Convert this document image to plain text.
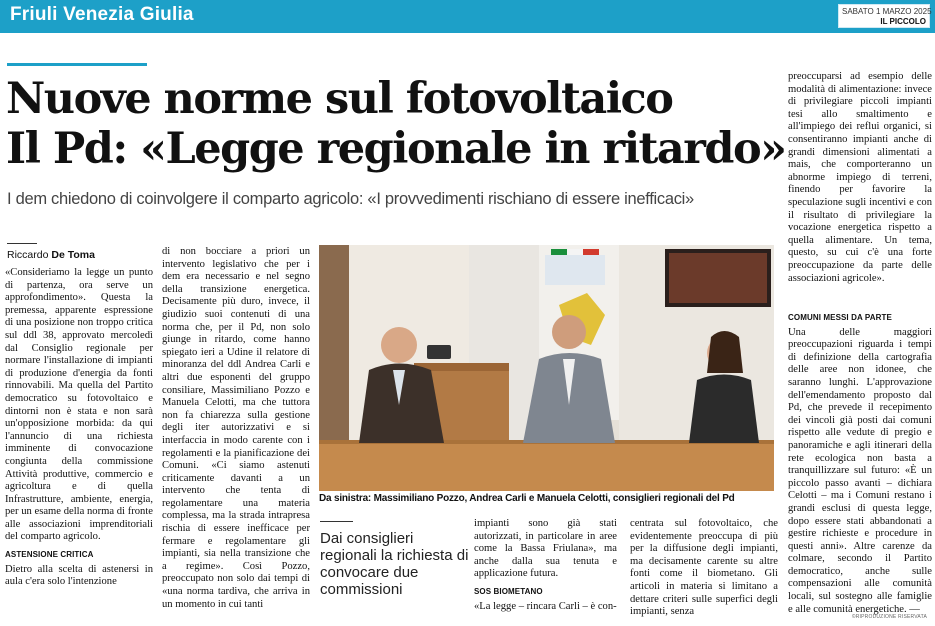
Friuli Venezia Giulia	SABATO 1 MARZO 2025
IL PICCOLO
Nuove norme sul fotovoltaico
Il Pd: «Legge regionale in ritardo»
I dem chiedono di coinvolgere il comparto agricolo: «I provvedimenti rischiano di essere inefficaci»
Riccardo De Toma

«Consideriamo la legge un punto di partenza, ora serve un approfondimento». Questa la premessa, apparente espressione di una posizione non troppo critica sul ddl 38, approvato mercoledì dal Consiglio regionale per normare l'installazione di impianti di produzione d'energia da fonti rinnovabili. Ma quella del Partito democratico su fotovoltaico e dintorni non è stata e non sarà un'opposizione morbida: da qui l'annuncio di una richiesta imminente di convocazione congiunta della commissione Attività produttive, commercio e agricoltura e di quella Infrastrutture, ambiente, energia, per un esame della norma di fronte alle associazioni imprenditoriali del comparto agricolo.

ASTENSIONE CRITICA

Dietro alla scelta di astenersi in aula c'era solo l'intenzione

di non bocciare a priori un intervento legislativo che per i dem era necessario e nel segno della transizione energetica. Decisamente più duro, invece, il giudizio suoi contenuti di una norma che, per il Pd, non solo giunge in ritardo, come hanno spiegato ieri a Udine il relatore di minoranza del ddl Andrea Carli e altri due esponenti del gruppo consiliare, Massimiliano Pozzo e Manuela Celotti, ma che tuttora non fa chiarezza sulla gestione degli iter autorizzativi e si interfaccia in modo carente con i regolamenti e la pianificazione dei Comuni. «Ci siamo astenuti criticamente davanti a un intervento che tenta di regolamentare una materia complessa, ma la strada intrapresa rischia di essere inefficace per fermare e regolamentare gli impianti, sia nella transizione che a regime». Così Pozzo, preoccupato non solo dai tempi di «una norma tardiva, che arriva in un momento in cui tanti

Da sinistra: Massimiliano Pozzo, Andrea Carli e Manuela Celotti, consiglieri regionali del Pd
Dai consiglieri regionali la richiesta di convocare due commissioni

impianti sono già stati autorizzati, in particolare in aree come la Bassa Friulana», ma anche dalla sua tenuta e applicazione futura.

SOS BIOMETANO

«La legge – rincara Carli – è con-

centrata sul fotovoltaico, che evidentemente preoccupa di più per la diffusione degli impianti, ma decisamente carente su altre fonti come il biometano. Gli articoli in materia si limitano a dettare criteri sulle superfici degli impianti, senza

preoccuparsi ad esempio delle modalità di alimentazione: invece di privilegiare piccoli impianti tesi allo smaltimento e all'impiego dei reflui organici, si consentiranno impianti anche di grandi dimensioni alimentati a mais, che comporteranno un abnorme impiego di terreni, finendo per favorire la speculazione sugli incentivi e con il risultato di privilegiare la vocazione energetica rispetto a quella alimentare. Un tema, questo, su cui c'è una forte preoccupazione da parte delle associazioni agricole».

COMUNI MESSI DA PARTE

Una delle maggiori preoccupazioni riguarda i tempi di definizione della cartografia delle aree non idonee, che saranno lunghi. L'approvazione dell'emendamento proposto dal Pd, che prevede il recepimento dei vincoli già posti dai comuni rispetto alle vedute di pregio e panoramiche e agli itinerari della rete ecologica non basta a tranquillizzare sul futuro: «È un piccolo passo avanti – dichiara Celotti – ma i Comuni restano i grandi esclusi di questa legge, dopo essere stati abbandonati a gestire richieste e procedure in questi anni». Altre carenze da colmare, secondo il Partito democratico, anche sulle compensazioni alle comunità locali, sul sostegno alle famiglie e alle comunità energetiche. —

©RIPRODUZIONE RISERVATA
